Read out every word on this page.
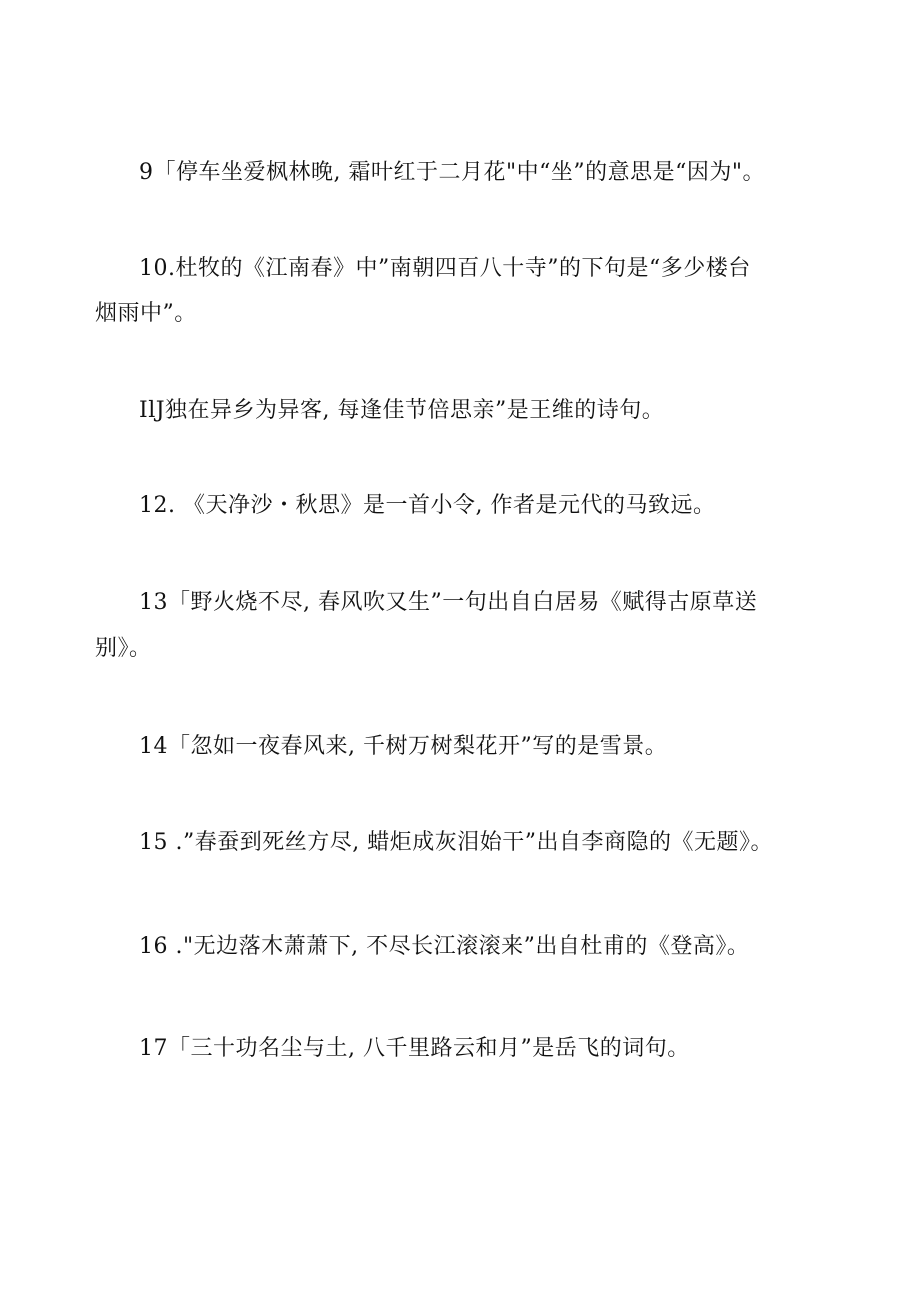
9「停车坐爱枫林晚, 霜叶红于二月花"中“坐”的意思是“因为"。
10.杜牧的《江南春》中”南朝四百八十寺”的下句是“多少楼台
烟雨中”。
IlJ独在异乡为异客, 每逢佳节倍思亲”是王维的诗句。
12. 《天净沙・秋思》是一首小令, 作者是元代的马致远。
13「野火烧不尽, 春风吹又生”一句出自白居易《赋得古原草送
别》。
14「忽如一夜春风来, 千树万树梨花开”写的是雪景。
15 .”春蚕到死丝方尽, 蜡炬成灰泪始干”出自李商隐的《无题》。
16 ."无边落木萧萧下, 不尽长江滚滚来”出自杜甫的《登高》。
17「三十功名尘与土, 八千里路云和月”是岳飞的词句。
